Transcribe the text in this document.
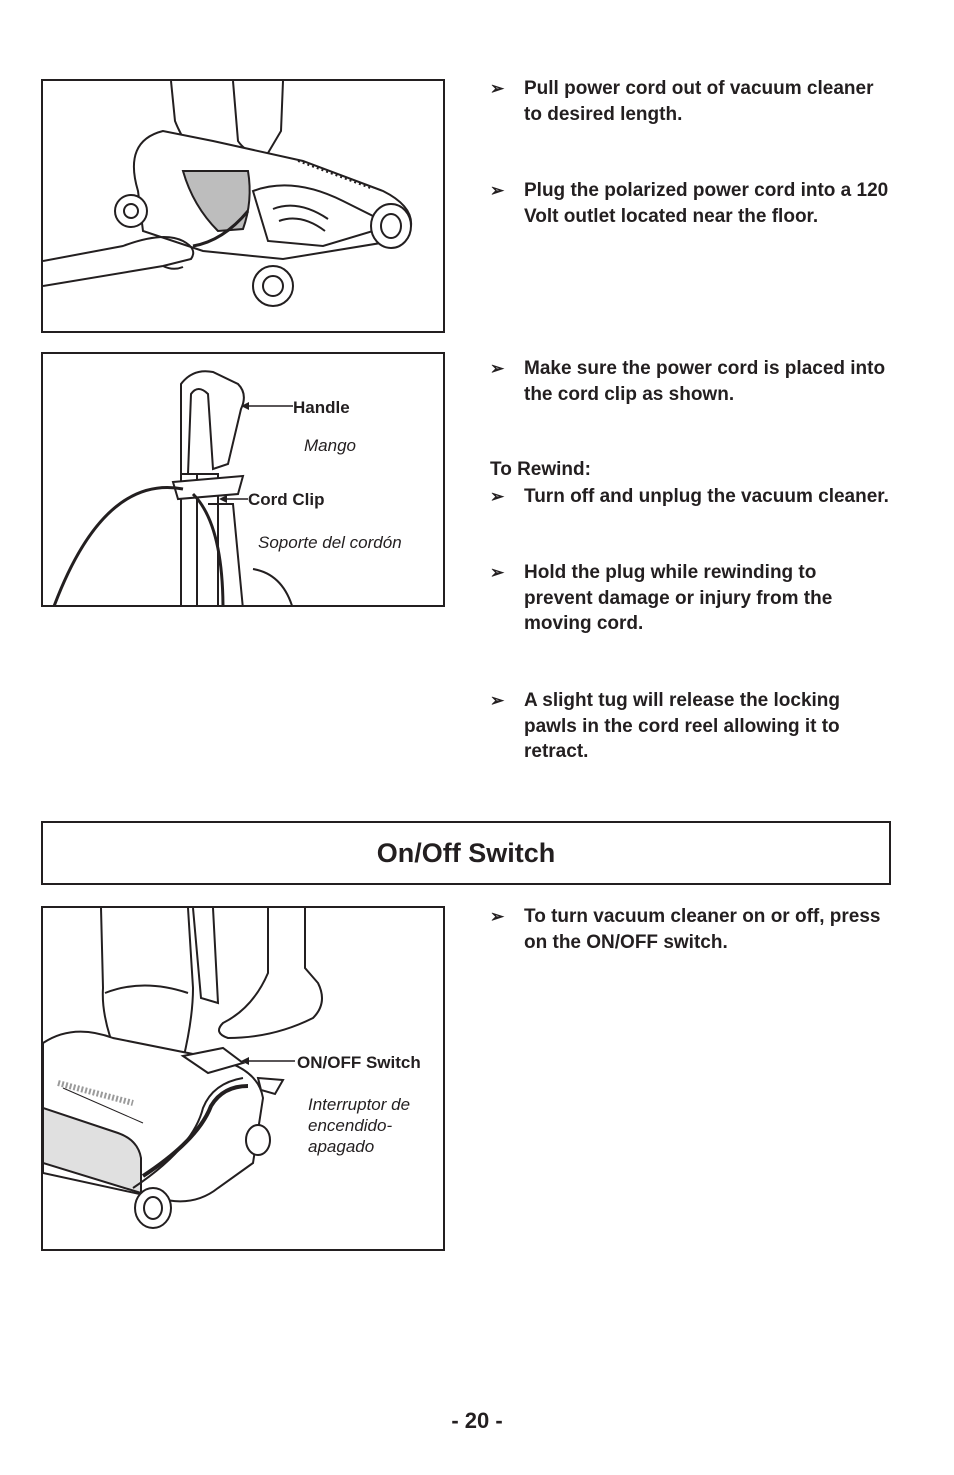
Handle
Mango
Cord Clip
Soporte del cordón
➢ Pull power cord out of vacuum cleaner to desired length.
➢ Plug the polarized power cord into a 120 Volt outlet located near the floor.
➢ Make sure the power cord is placed into the cord clip as shown.
To Rewind:
➢ Turn off and unplug the vacuum cleaner.
➢ Hold the plug while rewinding to prevent damage or injury from the moving cord.
➢ A slight tug will release the locking pawls in the cord reel allowing it to retract.
On/Off Switch
ON/OFF Switch
Interruptor de encendido-apagado
➢ To turn vacuum cleaner on or off, press on the ON/OFF switch.
- 20 -
